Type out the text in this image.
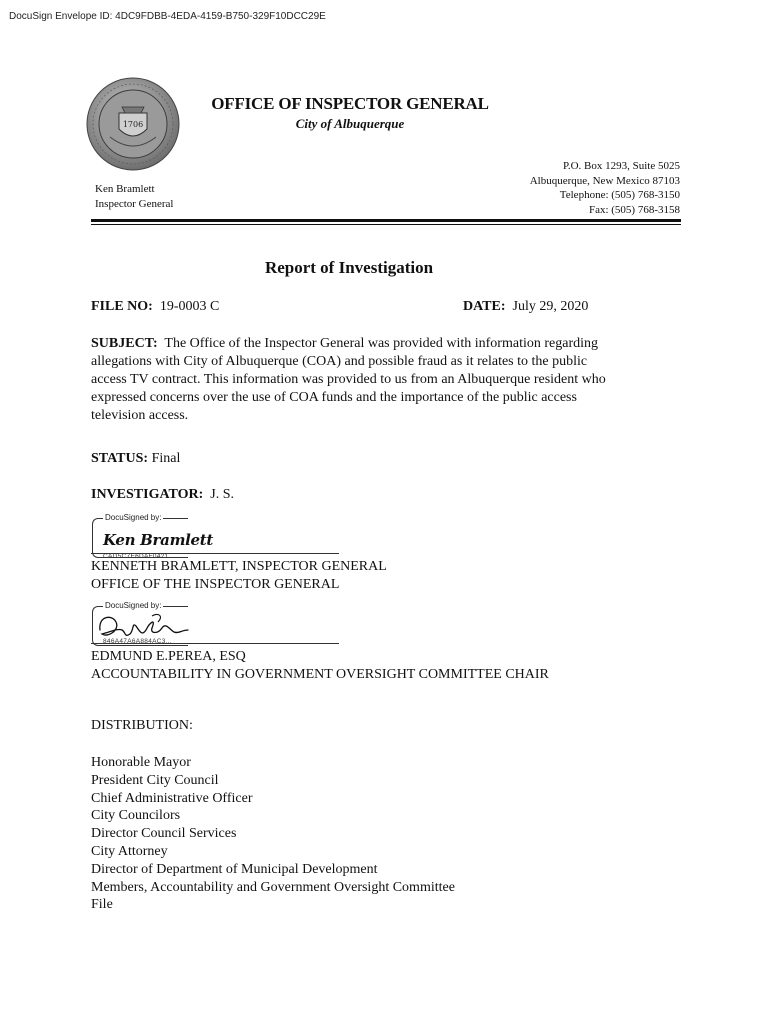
DocuSign Envelope ID: 4DC9FDBB-4EDA-4159-B750-329F10DCC29E
1706
OFFICE OF INSPECTOR GENERAL
City of Albuquerque
P.O. Box 1293, Suite 5025
Albuquerque, New Mexico 87103
Telephone: (505) 768-3150
Fax: (505) 768-3158
Ken Bramlett
Inspector General
Report of Investigation
FILE NO: 19-0003 C	DATE: July 29, 2020
SUBJECT: The Office of the Inspector General was provided with information regarding allegations with City of Albuquerque (COA) and possible fraud as it relates to the public access TV contract. This information was provided to us from an Albuquerque resident who expressed concerns over the use of COA funds and the importance of the public access television access.
STATUS: Final
INVESTIGATOR: J. S.
DocuSigned by:
Ken Bramlett
CAD5C7E6DAF0421...
KENNETH BRAMLETT, INSPECTOR GENERAL
OFFICE OF THE INSPECTOR GENERAL
DocuSigned by:
846A47A6A884AC3...
EDMUND E.PEREA, ESQ
ACCOUNTABILITY IN GOVERNMENT OVERSIGHT COMMITTEE CHAIR
DISTRIBUTION:
Honorable Mayor
President City Council
Chief Administrative Officer
City Councilors
Director Council Services
City Attorney
Director of Department of Municipal Development
Members, Accountability and Government Oversight Committee
File
